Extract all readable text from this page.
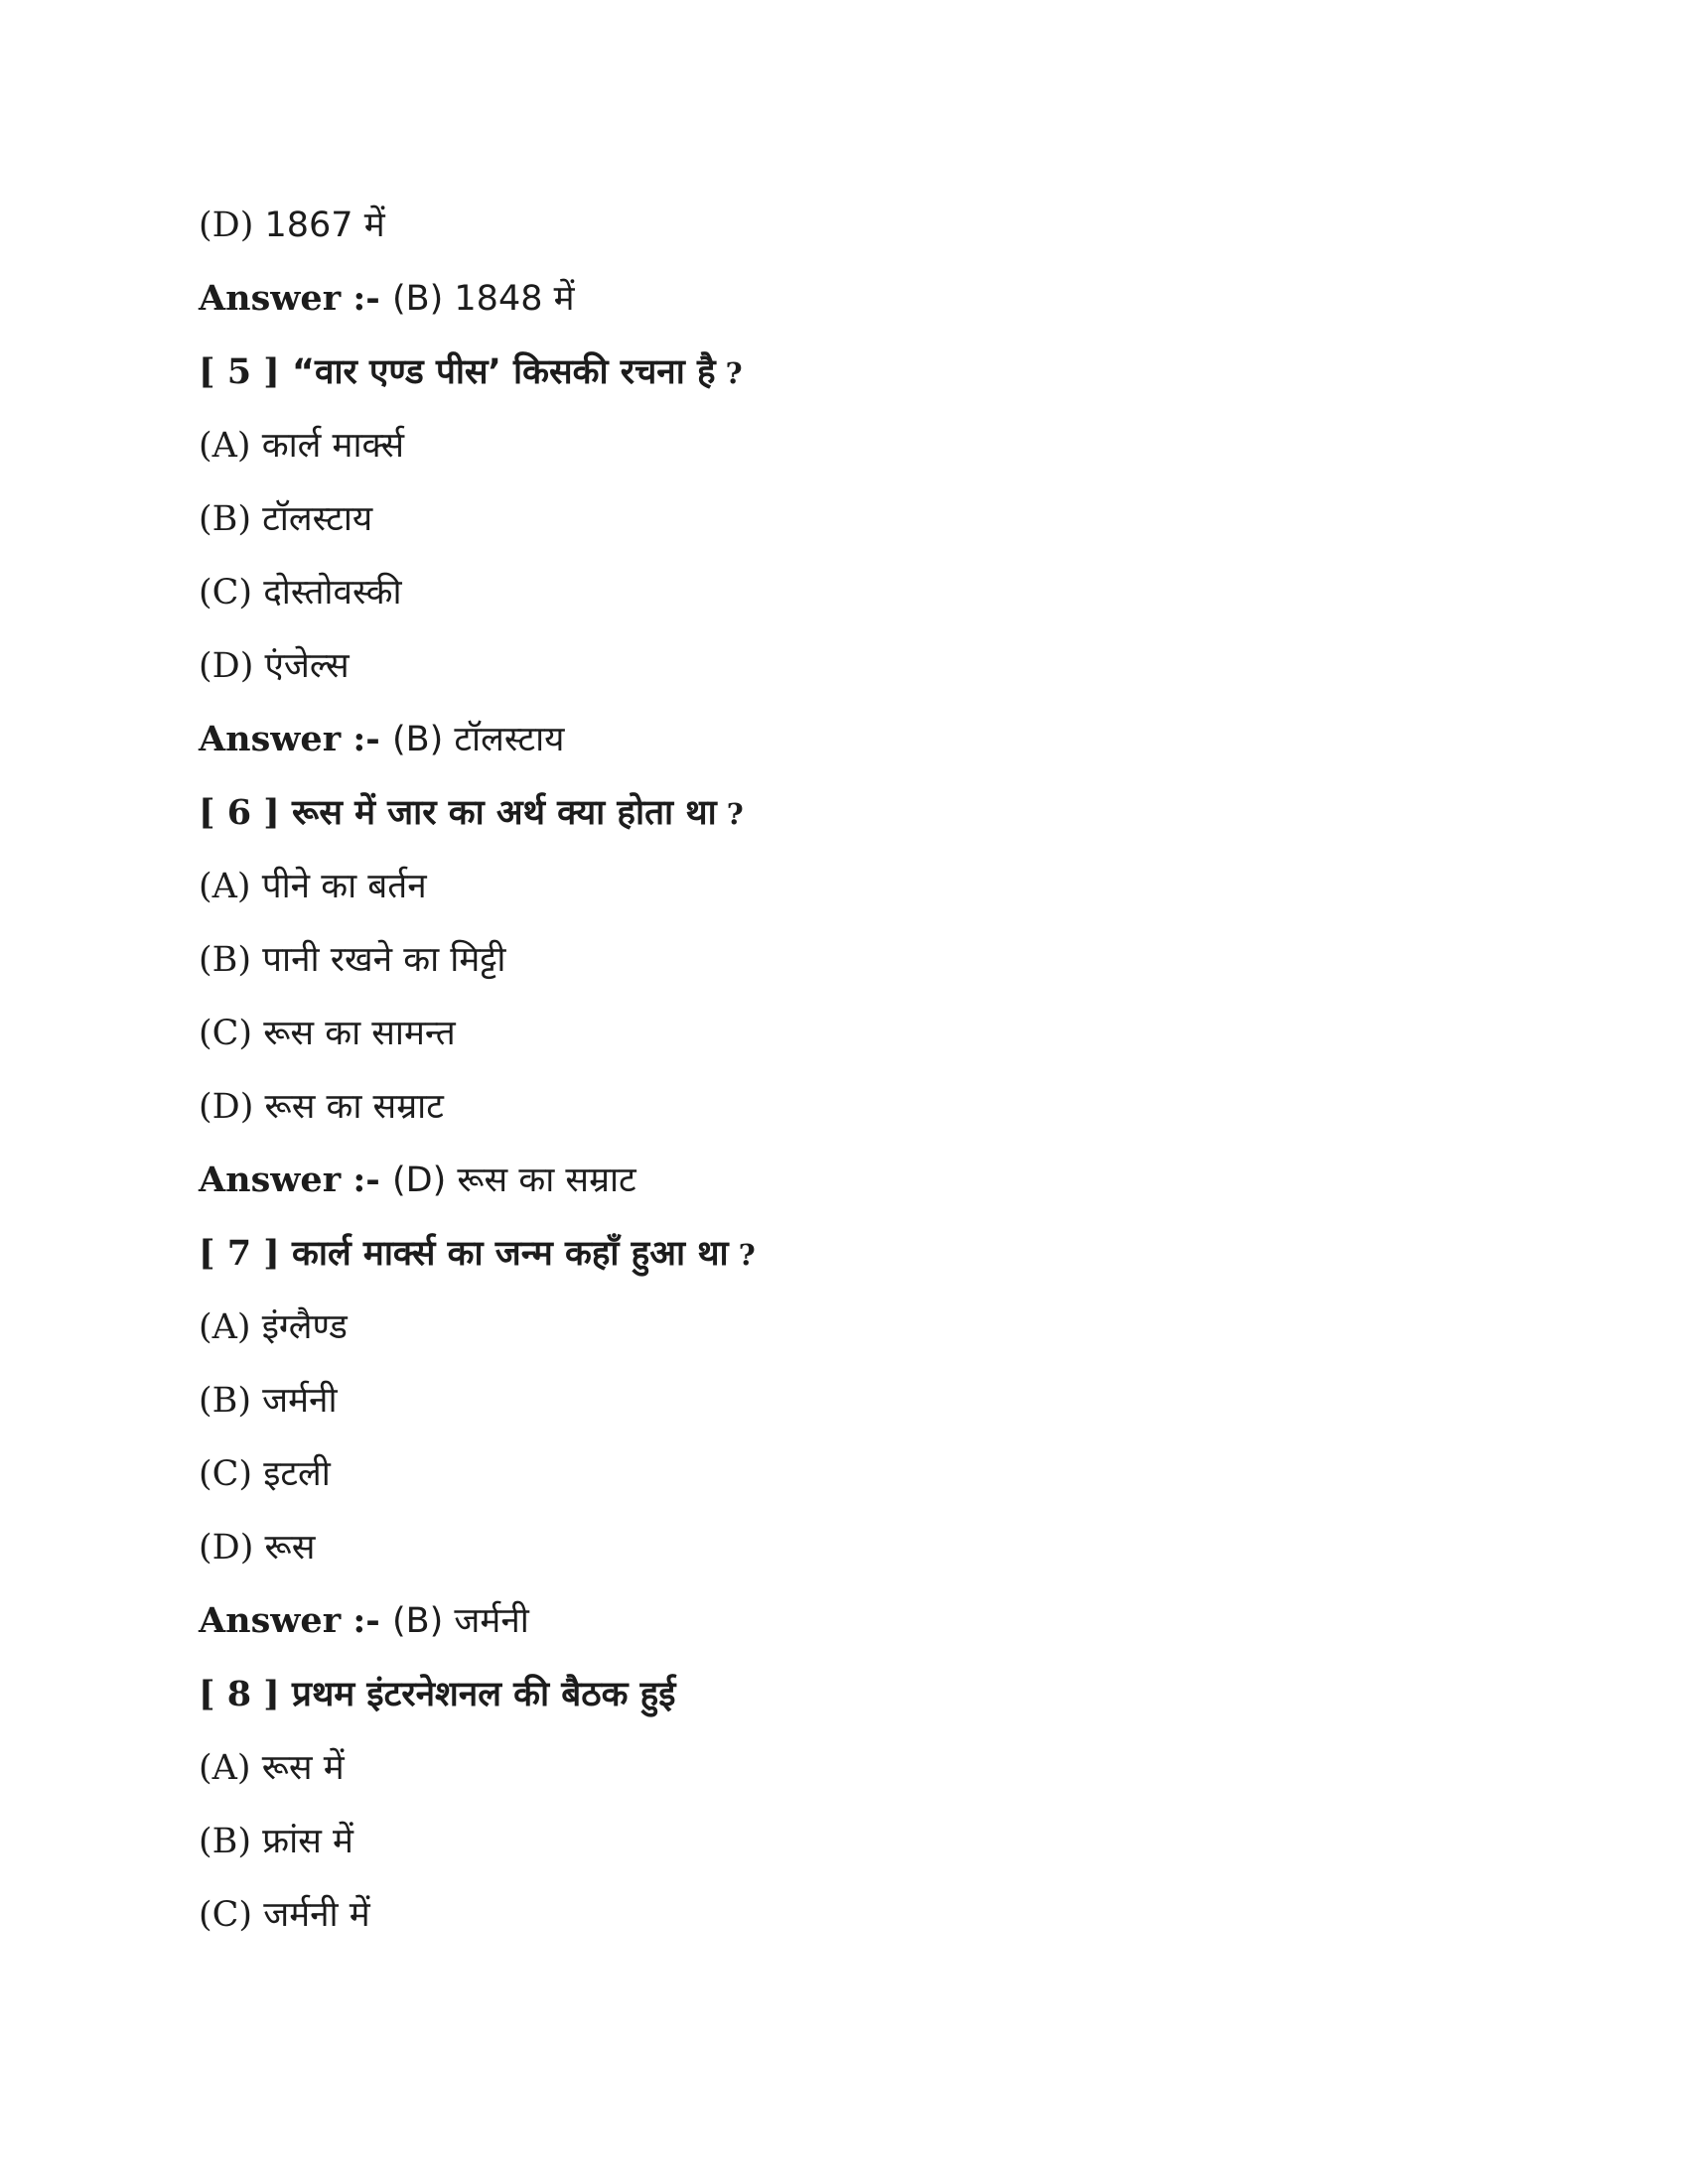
(D) 1867 में
Answer :- (B) 1848 में
[ 5 ] “वार एण्ड पीस’ किसकी रचना है ?
(A) कार्ल मार्क्स
(B) टॉलस्टाय
(C) दोस्तोवस्की
(D) एंजेल्स
Answer :- (B) टॉलस्टाय
[ 6 ] रूस में जार का अर्थ क्या होता था ?
(A) पीने का बर्तन
(B) पानी रखने का मिट्टी
(C) रूस का सामन्त
(D) रूस का सम्राट
Answer :- (D) रूस का सम्राट
[ 7 ] कार्ल मार्क्स का जन्म कहाँ हुआ था ?
(A) इंग्लैण्ड
(B) जर्मनी
(C) इटली
(D) रूस
Answer :- (B) जर्मनी
[ 8 ] प्रथम इंटरनेशनल की बैठक हुई
(A) रूस में
(B) फ्रांस में
(C) जर्मनी में
